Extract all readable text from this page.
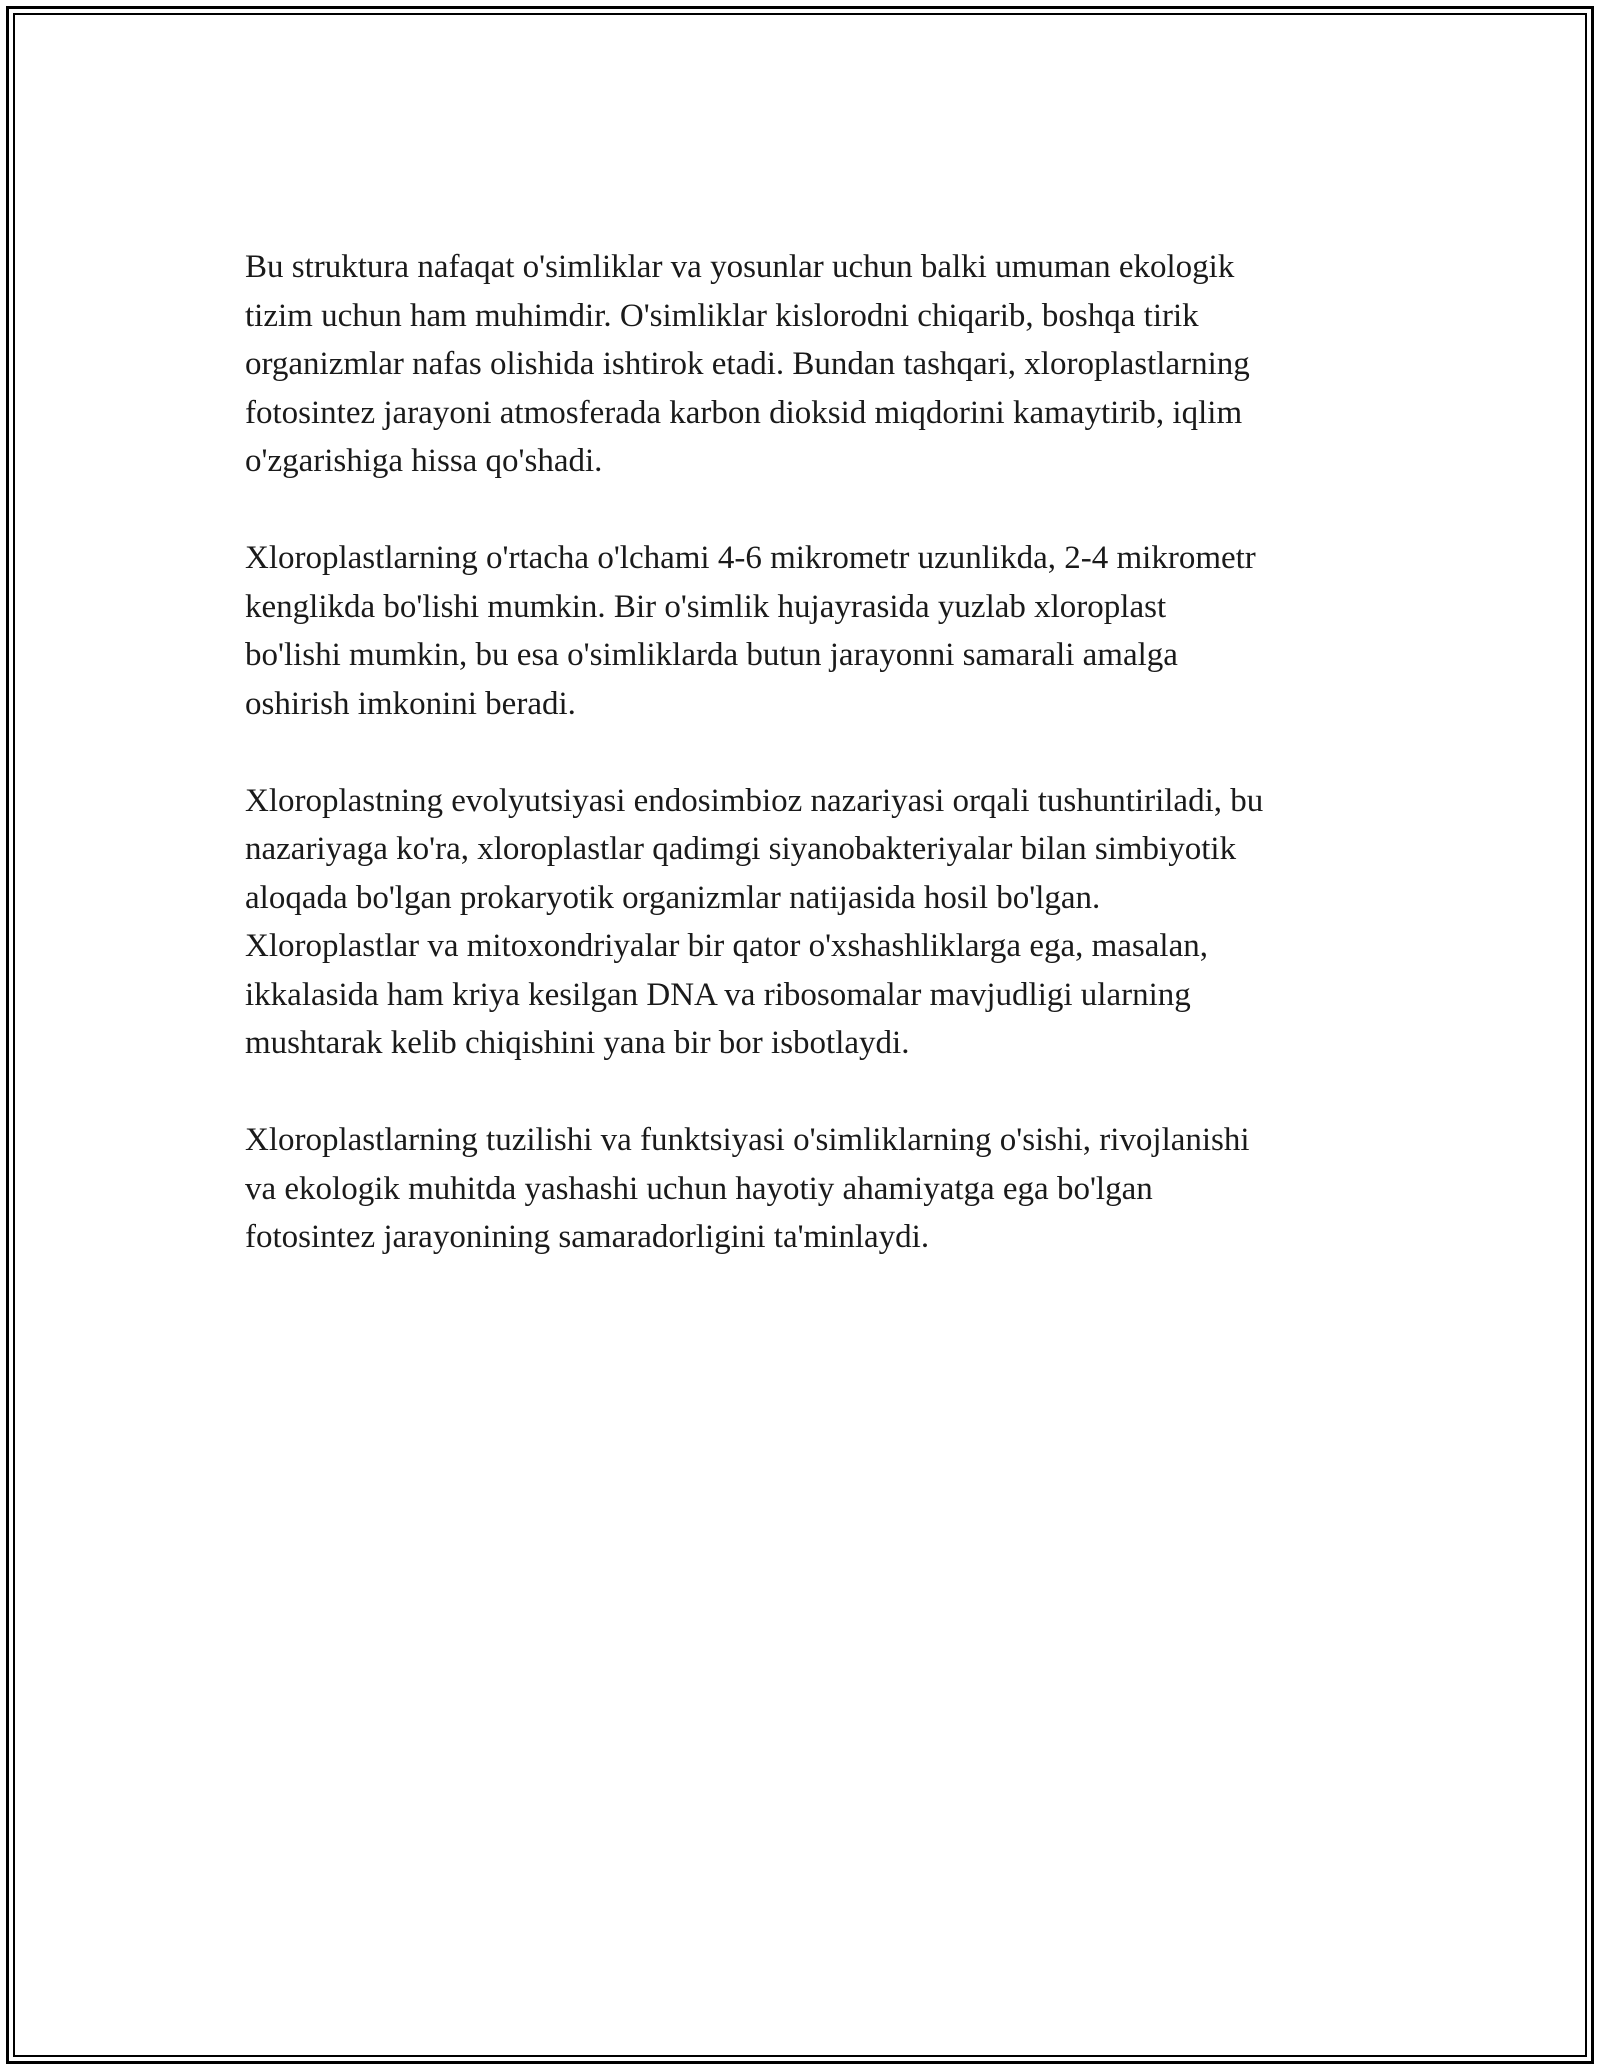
Bu struktura nafaqat o'simliklar va yosunlar uchun balki umuman ekologik
tizim uchun ham muhimdir. O'simliklar kislorodni chiqarib, boshqa tirik
organizmlar nafas olishida ishtirok etadi. Bundan tashqari, xloroplastlarning
fotosintez jarayoni atmosferada karbon dioksid miqdorini kamaytirib, iqlim
o'zgarishiga hissa qo'shadi.

Xloroplastlarning o'rtacha o'lchami 4-6 mikrometr uzunlikda, 2-4 mikrometr
kenglikda bo'lishi mumkin. Bir o'simlik hujayrasida yuzlab xloroplast
bo'lishi mumkin, bu esa o'simliklarda butun jarayonni samarali amalga
oshirish imkonini beradi.

Xloroplastning evolyutsiyasi endosimbioz nazariyasi orqali tushuntiriladi, bu
nazariyaga ko'ra, xloroplastlar qadimgi siyanobakteriyalar bilan simbiyotik
aloqada bo'lgan prokaryotik organizmlar natijasida hosil bo'lgan.
Xloroplastlar va mitoxondriyalar bir qator o'xshashliklarga ega, masalan,
ikkalasida ham kriya kesilgan DNA va ribosomalar mavjudligi ularning
mushtarak kelib chiqishini yana bir bor isbotlaydi.

Xloroplastlarning tuzilishi va funktsiyasi o'simliklarning o'sishi, rivojlanishi
va ekologik muhitda yashashi uchun hayotiy ahamiyatga ega bo'lgan
fotosintez jarayonining samaradorligini ta'minlaydi.
